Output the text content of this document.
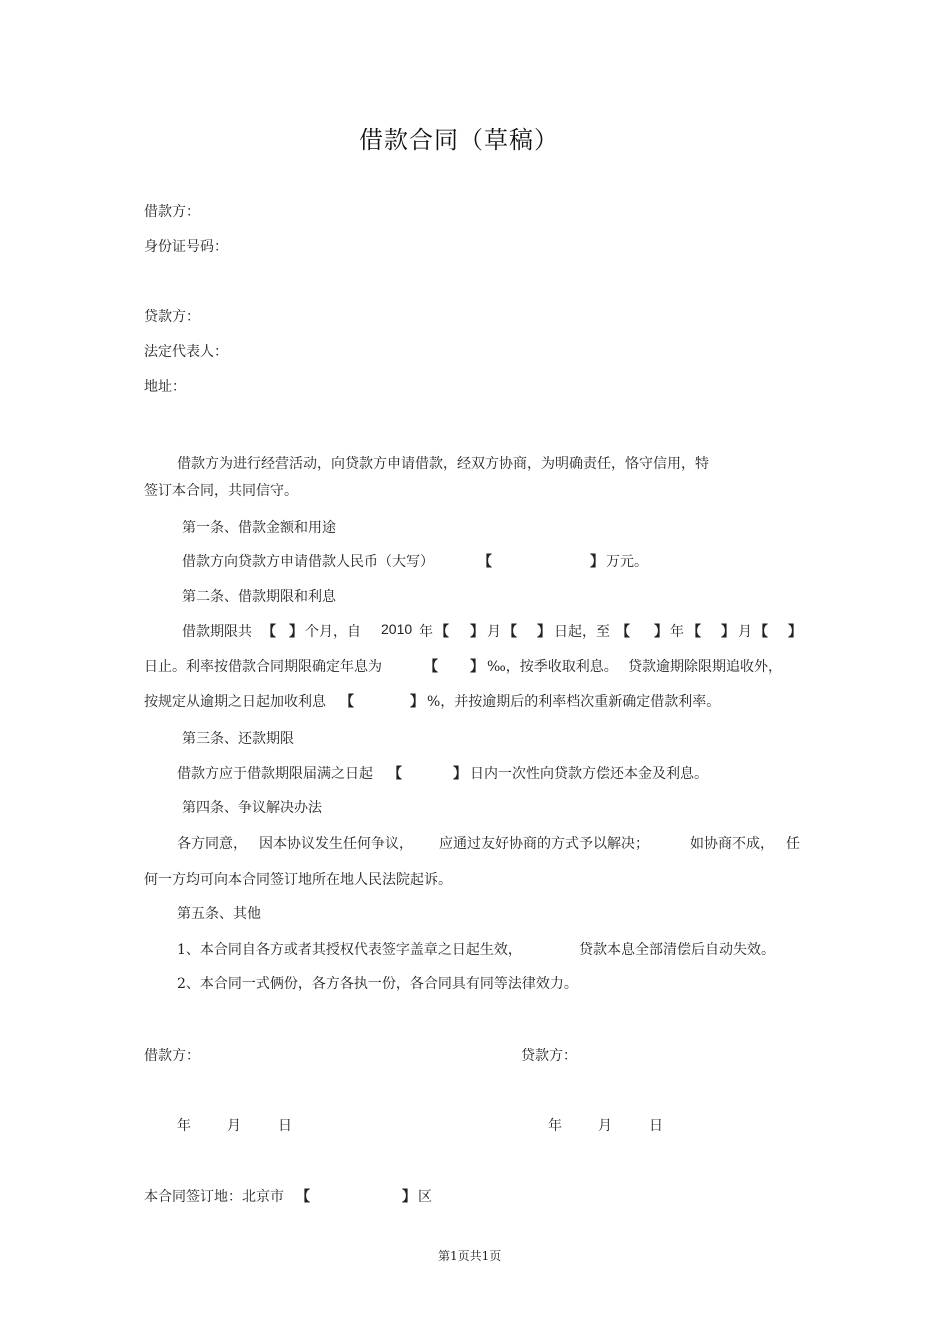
借款合同（草稿）
借款方：
身份证号码：
贷款方：
法定代表人：
地址：
借款方为进行经营活动，向贷款方申请借款，经双方协商，为明确责任，恪守信用，特
签订本合同，共同信守。
第一条、借款金额和用途
借款方向贷款方申请借款人民币（大写）	【	】 万元。
第二条、借款期限和利息
借款期限共 【 】 个月，自 2010 年 【 】 月 【 】 日起，至 【 】 年 【 】 月 【 】
日止。利率按借款合同期限确定年息为	【 】 ‰，按季收取利息。 贷款逾期除限期追收外，
按规定从逾期之日起加收利息 【	】 %，并按逾期后的利率档次重新确定借款利率。
第三条、还款期限
借款方应于借款期限届满之日起 【	】 日内一次性向贷款方偿还本金及利息。
第四条、争议解决办法
各方同意， 因本协议发生任何争议， 应通过友好协商的方式予以解决；	如协商不成， 任
何一方均可向本合同签订地所在地人民法院起诉。
第五条、其他
1、本合同自各方或者其授权代表签字盖章之日起生效，	贷款本息全部清偿后自动失效。
2、本合同一式俩份，各方各执一份，各合同具有同等法律效力。
借款方：	贷款方：
年	月	日	年	月	日
本合同签订地：北京市 【	】 区
第1页共1页
